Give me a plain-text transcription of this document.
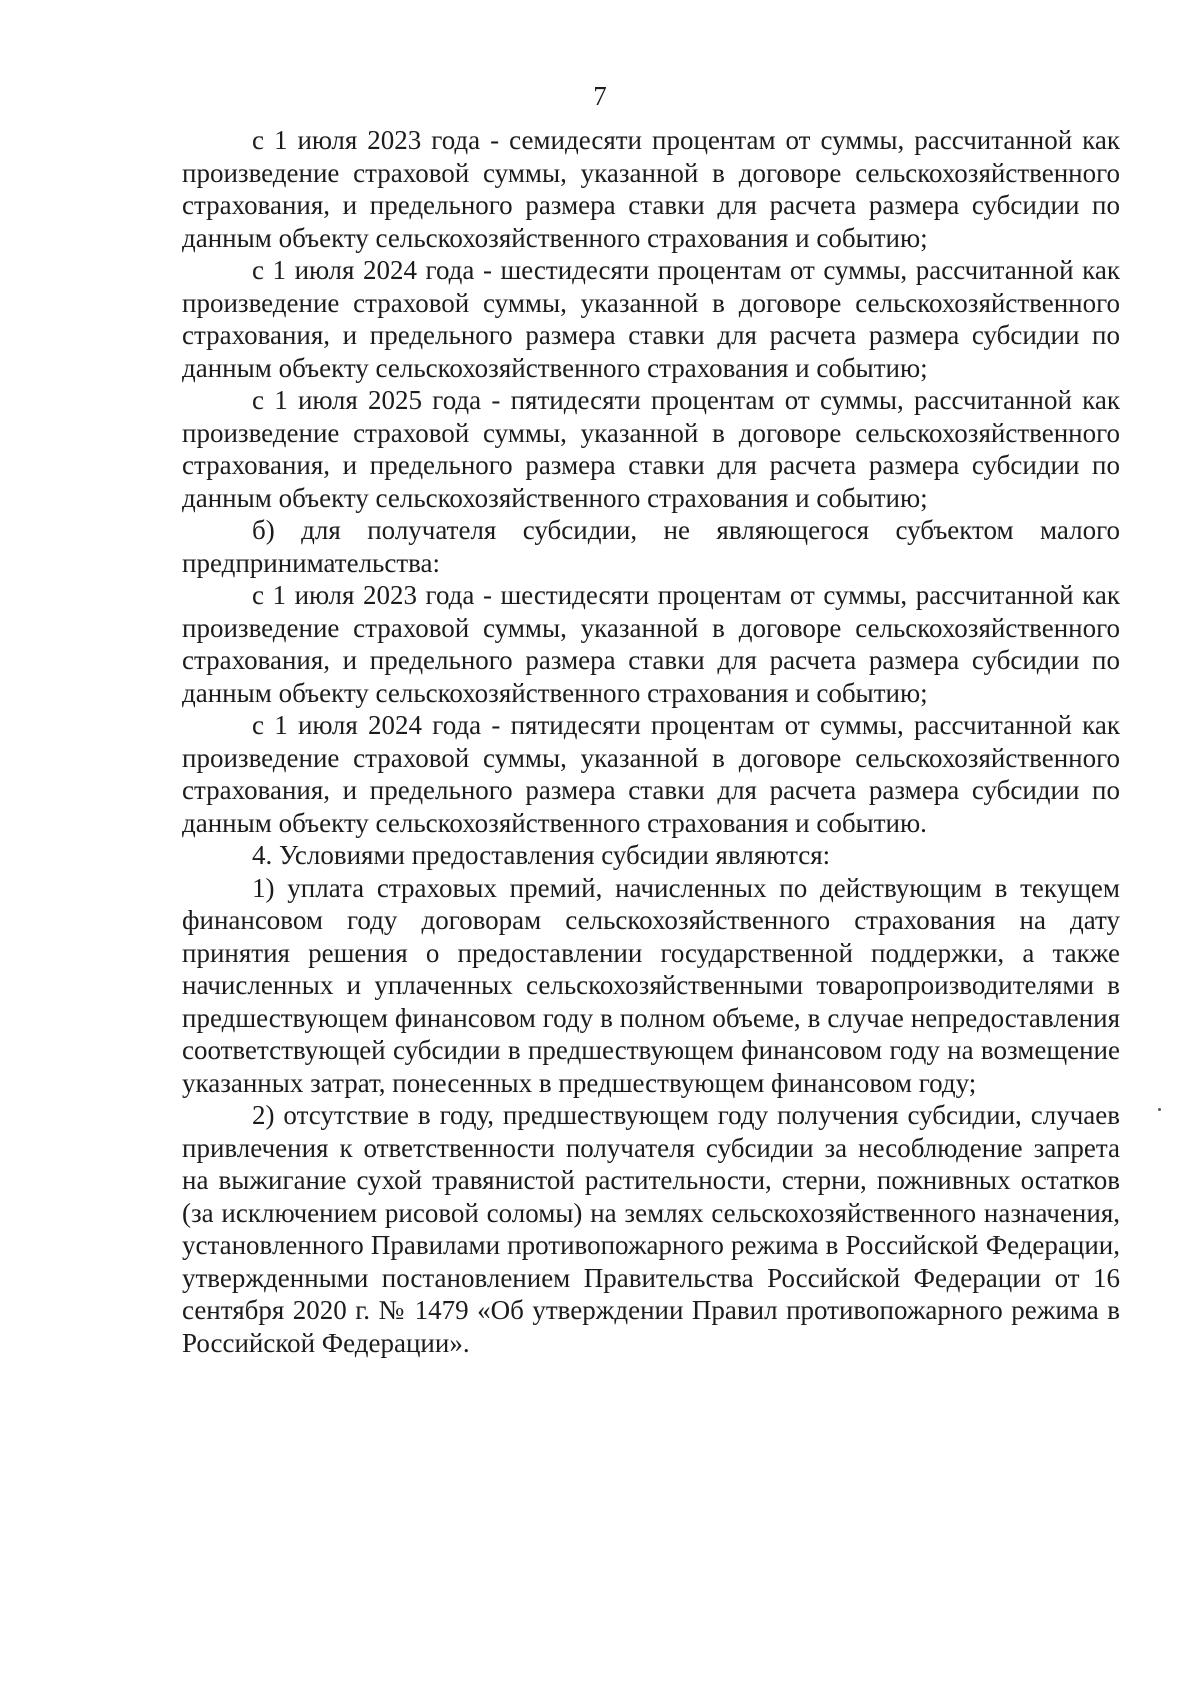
7

с 1 июля 2023 года - семидесяти процентам от суммы, рассчитанной как произведение страховой суммы, указанной в договоре сельскохозяйственного страхования, и предельного размера ставки для расчета размера субсидии по данным объекту сельскохозяйственного страхования и событию;

с 1 июля 2024 года - шестидесяти процентам от суммы, рассчитанной как произведение страховой суммы, указанной в договоре сельскохозяйственного страхования, и предельного размера ставки для расчета размера субсидии по данным объекту сельскохозяйственного страхования и событию;

с 1 июля 2025 года - пятидесяти процентам от суммы, рассчитанной как произведение страховой суммы, указанной в договоре сельскохозяйственного страхования, и предельного размера ставки для расчета размера субсидии по данным объекту сельскохозяйственного страхования и событию;

б) для получателя субсидии, не являющегося субъектом малого предпринимательства:

с 1 июля 2023 года - шестидесяти процентам от суммы, рассчитанной как произведение страховой суммы, указанной в договоре сельскохозяйственного страхования, и предельного размера ставки для расчета размера субсидии по данным объекту сельскохозяйственного страхования и событию;

с 1 июля 2024 года - пятидесяти процентам от суммы, рассчитанной как произведение страховой суммы, указанной в договоре сельскохозяйственного страхования, и предельного размера ставки для расчета размера субсидии по данным объекту сельскохозяйственного страхования и событию.

4. Условиями предоставления субсидии являются:

1) уплата страховых премий, начисленных по действующим в текущем финансовом году договорам сельскохозяйственного страхования на дату принятия решения о предоставлении государственной поддержки, а также начисленных и уплаченных сельскохозяйственными товаропроизводителями в предшествующем финансовом году в полном объеме, в случае непредоставления соответствующей субсидии в предшествующем финансовом году на возмещение указанных затрат, понесенных в предшествующем финансовом году;

2) отсутствие в году, предшествующем году получения субсидии, случаев привлечения к ответственности получателя субсидии за несоблюдение запрета на выжигание сухой травянистой растительности, стерни, пожнивных остатков (за исключением рисовой соломы) на землях сельскохозяйственного назначения, установленного Правилами противопожарного режима в Российской Федерации, утвержденными постановлением Правительства Российской Федерации от 16 сентября 2020 г. № 1479 «Об утверждении Правил противопожарного режима в Российской Федерации».
